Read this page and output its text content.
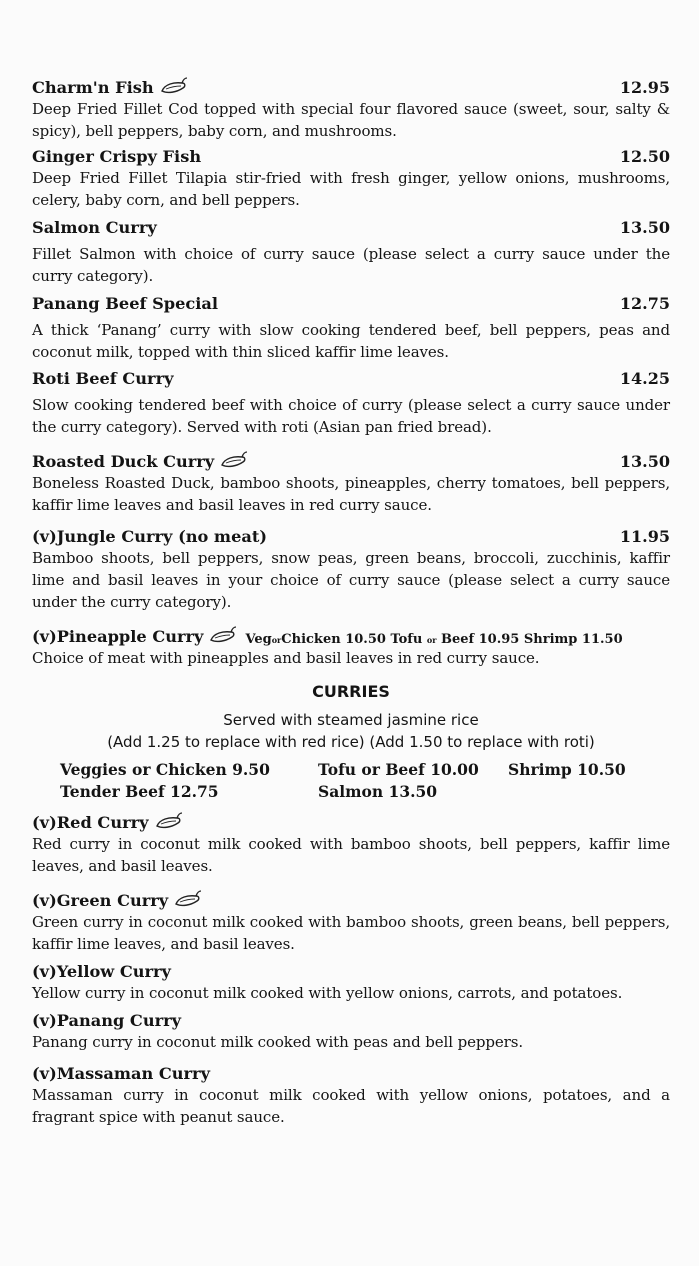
Charm'n Fish	12.95

Deep Fried Fillet Cod topped with special four flavored sauce (sweet, sour, salty & spicy), bell peppers, baby corn, and mushrooms.

Ginger Crispy Fish	12.50

Deep Fried Fillet Tilapia stir-fried with fresh ginger, yellow onions, mushrooms, celery, baby corn, and bell peppers.

Salmon Curry	13.50

Fillet Salmon with choice of curry sauce (please select a curry sauce under the curry category).

Panang Beef Special	12.75

A thick ‘Panang’ curry with slow cooking tendered beef, bell peppers, peas and coconut milk, topped with thin sliced kaffir lime leaves.

Roti Beef Curry	14.25

Slow cooking tendered beef with choice of curry (please select a curry sauce under the curry category). Served with roti (Asian pan fried bread).

Roasted Duck Curry	13.50

Boneless Roasted Duck, bamboo shoots, pineapples, cherry tomatoes, bell peppers, kaffir lime leaves and basil leaves in red curry sauce.

(v)Jungle Curry (no meat)	11.95

Bamboo shoots, bell peppers, snow peas, green beans, broccoli, zucchinis, kaffir lime and basil leaves in your choice of curry sauce (please select a curry sauce under the curry category).

(v)Pineapple Curry	VegorChicken 10.50 Tofu or Beef 10.95 Shrimp 11.50

Choice of meat with pineapples and basil leaves in red curry sauce.

CURRIES

Served with steamed jasmine rice

(Add 1.25 to replace with red rice) (Add 1.50 to replace with roti)

Veggies or Chicken 9.50	Tofu or Beef 10.00	Shrimp 10.50
Tender Beef 12.75	Salmon 13.50
(v)Red Curry

Red curry in coconut milk cooked with bamboo shoots, bell peppers, kaffir lime leaves, and basil leaves.

(v)Green Curry

Green curry in coconut milk cooked with bamboo shoots, green beans, bell peppers, kaffir lime leaves, and basil leaves.

(v)Yellow Curry

Yellow curry in coconut milk cooked with yellow onions, carrots, and potatoes.

(v)Panang Curry

Panang curry in coconut milk cooked with peas and bell peppers.

(v)Massaman Curry

Massaman curry in coconut milk cooked with yellow onions, potatoes, and a fragrant spice with peanut sauce.
